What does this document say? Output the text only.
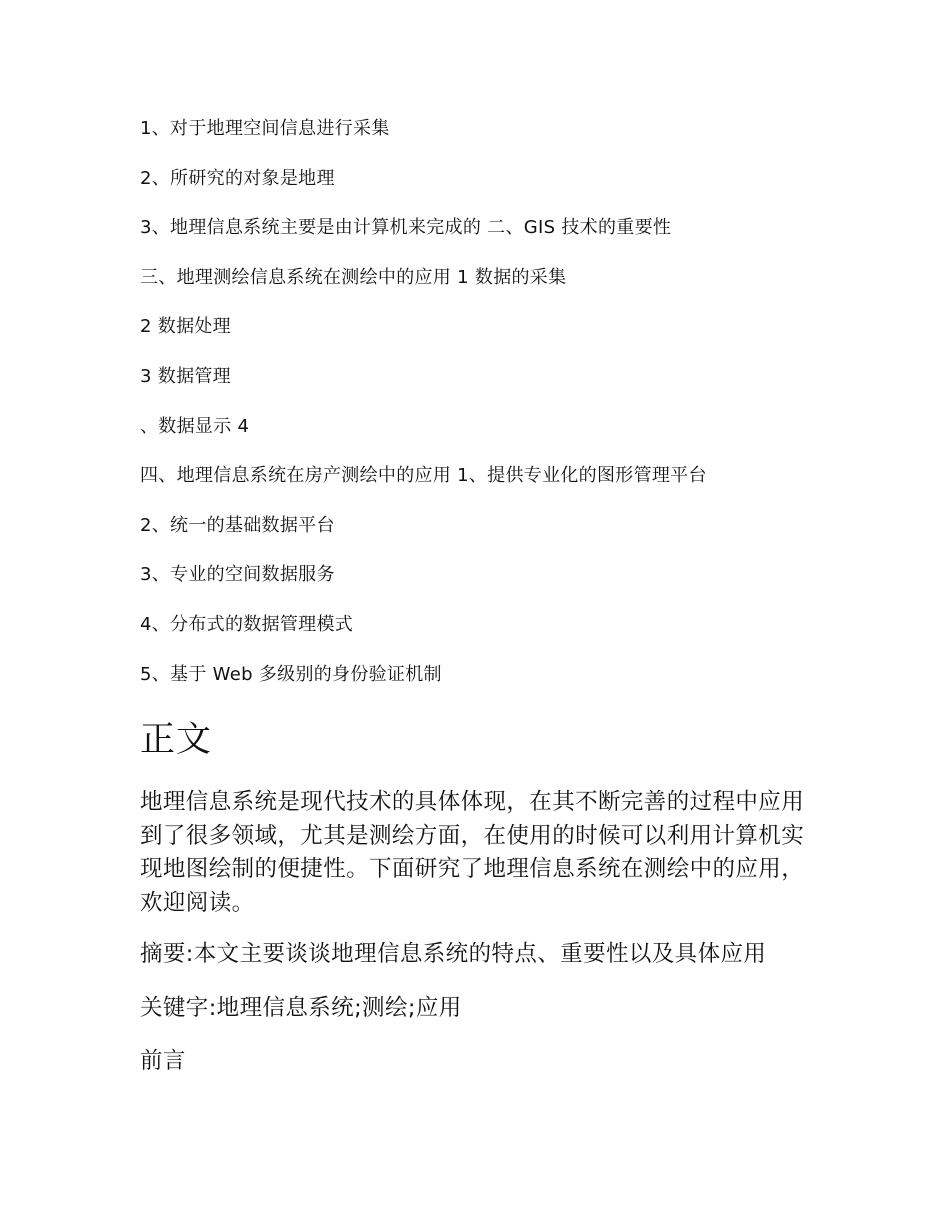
1、对于地理空间信息进行采集
2、所研究的对象是地理
3、地理信息系统主要是由计算机来完成的 二、GIS 技术的重要性
三、地理测绘信息系统在测绘中的应用 1 数据的采集
2 数据处理
3 数据管理
、数据显示 4
四、地理信息系统在房产测绘中的应用 1、提供专业化的图形管理平台
2、统一的基础数据平台
3、专业的空间数据服务
4、分布式的数据管理模式
5、基于 Web 多级别的身份验证机制
正文

地理信息系统是现代技术的具体体现，在其不断完善的过程中应用到了很多领域，尤其是测绘方面，在使用的时候可以利用计算机实现地图绘制的便捷性。下面研究了地理信息系统在测绘中的应用，欢迎阅读。

摘要:本文主要谈谈地理信息系统的特点、重要性以及具体应用

关键字:地理信息系统;测绘;应用

前言
